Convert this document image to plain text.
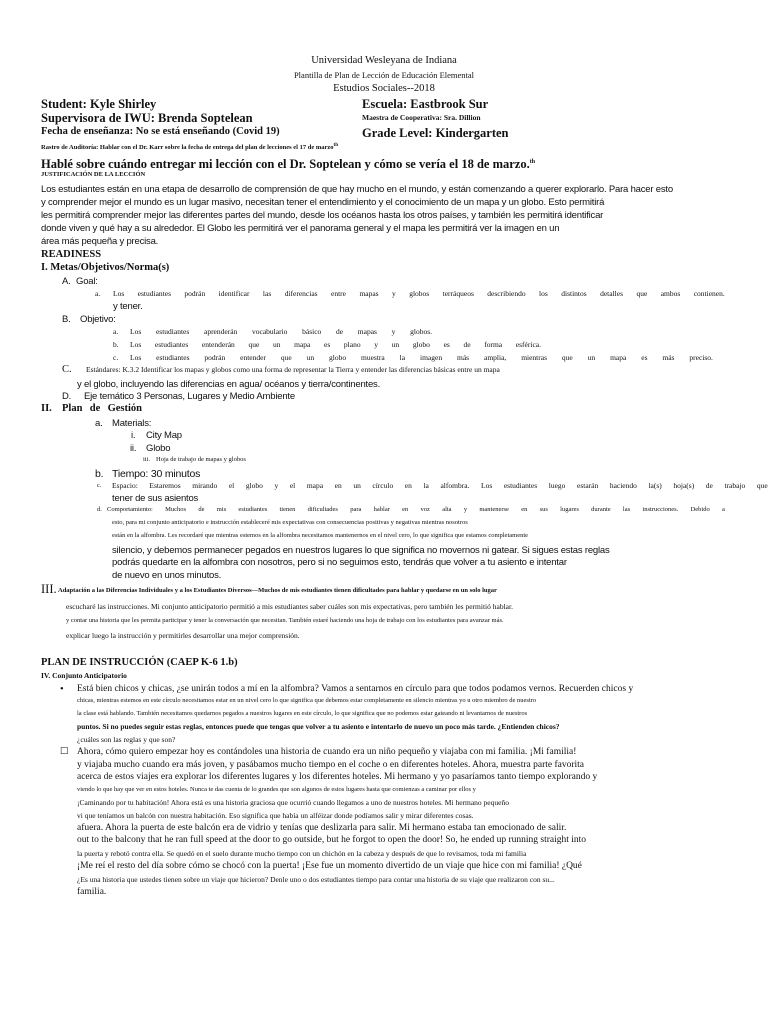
Universidad Wesleyana de Indiana
Plantilla de Plan de Lección de Educación Elemental
Estudios Sociales--2018
Student: Kyle Shirley	Escuela: Eastbrook Sur
Supervisora de IWU: Brenda Soptelean	Maestra de Cooperativa: Sra. Dillion
Fecha de enseñanza: No se está enseñando (Covid 19)	Grade Level: Kindergarten
Rastro de Auditoría: Hablar con el Dr. Karr sobre la fecha de entrega del plan de lecciones el 17 de marzo$^{th}$
Hablé sobre cuándo entregar mi lección con el Dr. Soptelean y cómo se vería el 18 de marzo.$^{th}$
JUSTIFICACIÓN DE LA LECCIÓN
Los estudiantes están en una etapa de desarrollo de comprensión de que hay mucho en el mundo, y están comenzando a querer explorarlo. Para hacer esto
y comprender mejor el mundo es un lugar masivo, necesitan tener el entendimiento y el conocimiento de un mapa y un globo. Esto permitirá
les permitirá comprender mejor las diferentes partes del mundo, desde los océanos hasta los otros países, y también les permitirá identificar
donde viven y qué hay a su alrededor. El Globo les permitirá ver el panorama general y el mapa les permitirá ver la imagen en un
área más pequeña y precisa.
READINESS
I. Metas/Objetivos/Norma(s)
A. Goal:
a. Los estudiantes podrán identificar las diferencias entre mapas y globos terráqueos describiendo los distintos detalles que ambos contienen.
y tener.
B. Objetivo:
a. Los estudiantes aprenderán vocabulario básico de mapas y globos.
b. Los estudiantes entenderán que un mapa es plano y un globo es de forma esférica.
c. Los estudiantes podrán entender que un globo muestra la imagen más amplia, mientras que un mapa es más preciso.
C. Estándares: K.3.2 Identificar los mapas y globos como una forma de representar la Tierra y entender las diferencias básicas entre un mapa
y el globo, incluyendo las diferencias en agua/ océanos y tierra/continentes.
D. Eje temático 3 Personas, Lugares y Medio Ambiente
II. Plan de Gestión
a. Materials:
i. City Map
ii. Globo
iii. Hoja de trabajo de mapas y globos
b. Tiempo: 30 minutos
c. Espacio: Estaremos mirando el globo y el mapa en un círculo en la alfombra. Los estudiantes luego estarán haciendo la(s) hoja(s) de trabajo que
tener de sus asientos
d. Comportamiento: Muchos de mis estudiantes tienen dificultades para hablar en voz alta y mantenerse en sus lugares durante las instrucciones. Debido a
esto, para mi conjunto anticipatorio e instrucción estableceré mis expectativas con consecuencias positivas y negativas mientras nosotros
están en la alfombra. Les recordaré que mientras estemos en la alfombra necesitamos mantenernos en el nivel cero, lo que significa que estamos completamente
silencio, y debemos permanecer pegados en nuestros lugares lo que significa no movernos ni gatear. Si sigues estas reglas
podrás quedarte en la alfombra con nosotros, pero si no seguimos esto, tendrás que volver a tu asiento e intentar
de nuevo en unos minutos.
III. Adaptación a las Diferencias Individuales y a los Estudiantes Diversos—Muchos de mis estudiantes tienen dificultades para hablar y quedarse en un solo lugar
escucharé las instrucciones. Mi conjunto anticipatorio permitió a mis estudiantes saber cuáles son mis expectativas, pero también les permitió hablar.
y contar una historia que les permita participar y tener la conversación que necesitan. También estaré haciendo una hoja de trabajo con los estudiantes para avanzar más.
explicar luego la instrucción y permitirles desarrollar una mejor comprensión.
PLAN DE INSTRUCCIÓN (CAEP K-6 1.b)
IV. Conjunto Anticipatorio
• Está bien chicos y chicas, ¿se unirán todos a mí en la alfombra? Vamos a sentarnos en círculo para que todos podamos vernos. Recuerden chicos y
chicas, mientras estemos en este círculo necesitamos estar en un nivel cero lo que significa que debemos estar completamente en silencio mientras yo u otro miembro de nuestro
la clase está hablando. También necesitamos quedarnos pegados a nuestros lugares en este círculo, lo que significa que no podemos estar gateando ni levantarnos de nuestros
puntos. Si no puedes seguir estas reglas, entonces puede que tengas que volver a tu asiento e intentarlo de nuevo un poco más tarde. ¿Entienden chicos?
¿cuáles son las reglas y que son?
☐ Ahora, cómo quiero empezar hoy es contándoles una historia de cuando era un niño pequeño y viajaba con mi familia. ¡Mi familia!
y viajaba mucho cuando era más joven, y pasábamos mucho tiempo en el coche o en diferentes hoteles. Ahora, muestra parte favorita
acerca de estos viajes era explorar los diferentes lugares y los diferentes hoteles. Mi hermano y yo pasaríamos tanto tiempo explorando y
viendo lo que hay que ver en estos hoteles. Nunca te das cuenta de lo grandes que son algunos de estos lugares hasta que comienzas a caminar por ellos y
¡Caminando por tu habitación! Ahora está es una historia graciosa que ocurrió cuando llegamos a uno de nuestros hoteles. Mi hermano pequeño
vi que teníamos un balcón con nuestra habitación. Eso significa que había un alféizar donde podíamos salir y mirar diferentes cosas.
afuera. Ahora la puerta de este balcón era de vidrio y tenías que deslizarla para salir. Mi hermano estaba tan emocionado de salir.
out to the balcony that he ran full speed at the door to go outside, but he forgot to open the door! So, he ended up running straight into
la puerta y rebotó contra ella. Se quedó en el suelo durante mucho tiempo con un chichón en la cabeza y después de que lo revisamos, toda mi familia
¡Me reí el resto del día sobre cómo se chocó con la puerta! ¡Ese fue un momento divertido de un viaje que hice con mi familia! ¿Qué
¿Es una historia que ustedes tienen sobre un viaje que hicieron? Denle uno o dos estudiantes tiempo para contar una historia de su viaje que realizaron con su...
familia.
